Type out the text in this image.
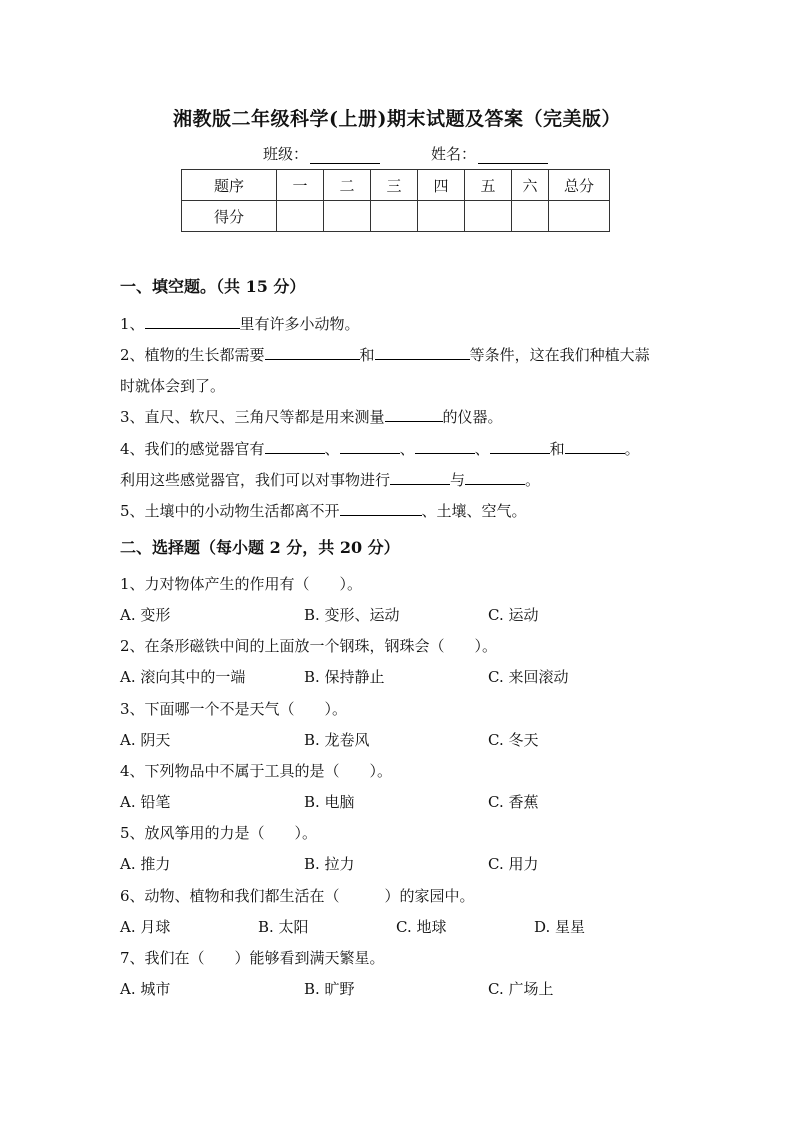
湘教版二年级科学(上册)期末试题及答案（完美版）
班级：	姓名：
题序	一	二	三	四	五	六	总分
得分							
一、填空题。（共 15 分）
1、	里有许多小动物。
2、植物的生长都需要	和	等条件，这在我们种植大蒜
时就体会到了。
3、直尺、软尺、三角尺等都是用来测量	的仪器。
4、我们的感觉器官有	、	、	、	和	。
利用这些感觉器官，我们可以对事物进行	与	。
5、土壤中的小动物生活都离不开	、土壤、空气。
二、选择题（每小题 2 分，共 20 分）
1、力对物体产生的作用有（　　）。
A. 变形	B. 变形、运动	C. 运动
2、在条形磁铁中间的上面放一个钢珠，钢珠会（　　）。
A. 滚向其中的一端	B. 保持静止	C. 来回滚动
3、下面哪一个不是天气（　　）。
A. 阴天	B. 龙卷风	C. 冬天
4、下列物品中不属于工具的是（　　）。
A. 铅笔	B. 电脑	C. 香蕉
5、放风筝用的力是（　　）。
A. 推力	B. 拉力	C. 用力
6、动物、植物和我们都生活在（　　　）的家园中。
A. 月球	B. 太阳	C. 地球	D. 星星
7、我们在（　　）能够看到满天繁星。
A. 城市	B. 旷野	C. 广场上
